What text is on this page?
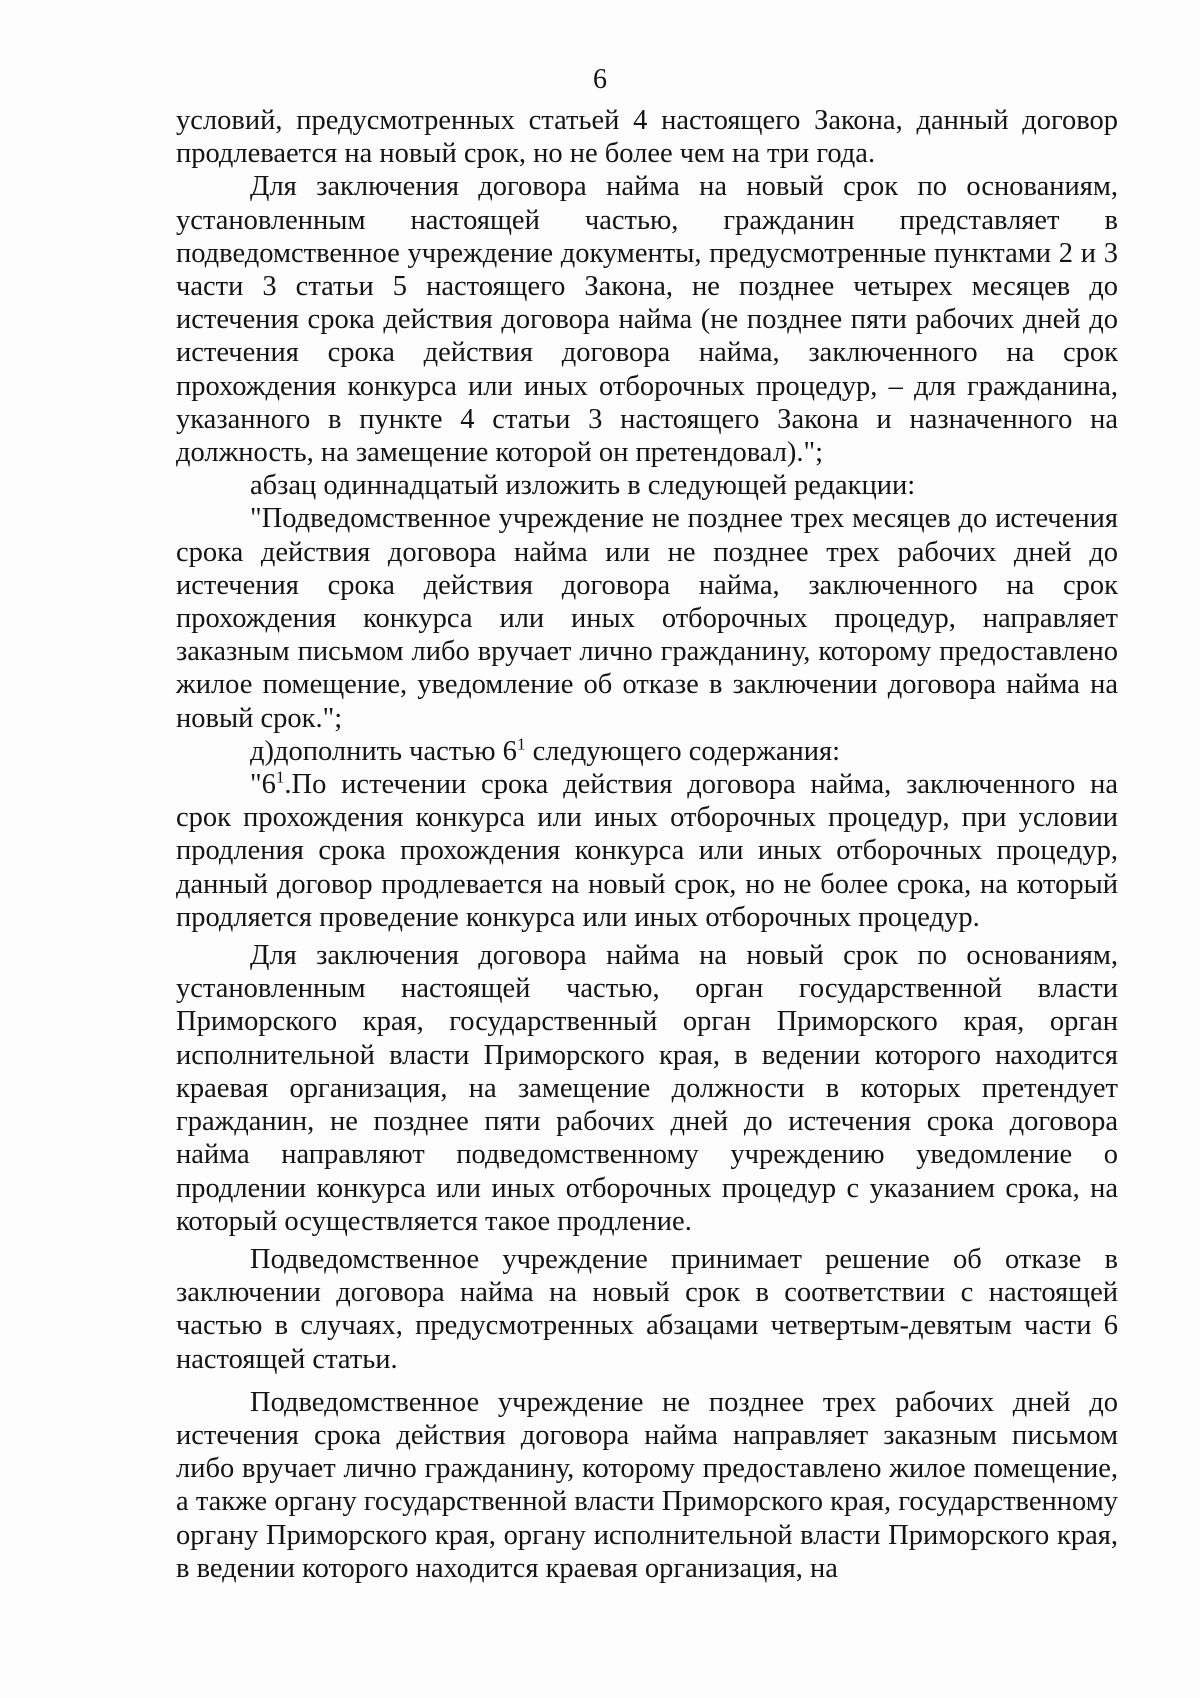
6

условий, предусмотренных статьей 4 настоящего Закона, данный договор продлевается на новый срок, но не более чем на три года.

Для заключения договора найма на новый срок по основаниям, установленным настоящей частью, гражданин представляет в подведомственное учреждение документы, предусмотренные пунктами 2 и 3 части 3 статьи 5 настоящего Закона, не позднее четырех месяцев до истечения срока действия договора найма (не позднее пяти рабочих дней до истечения срока действия договора найма, заключенного на срок прохождения конкурса или иных отборочных процедур, – для гражданина, указанного в пункте 4 статьи 3 настоящего Закона и назначенного на должность, на замещение которой он претендовал).";

абзац одиннадцатый изложить в следующей редакции:

"Подведомственное учреждение не позднее трех месяцев до истечения срока действия договора найма или не позднее трех рабочих дней до истечения срока действия договора найма, заключенного на срок прохождения конкурса или иных отборочных процедур, направляет заказным письмом либо вручает лично гражданину, которому предоставлено жилое помещение, уведомление об отказе в заключении договора найма на новый срок.";

д)дополнить частью $6^1$ следующего содержания:

"$6^1.По$ истечении срока действия договора найма, заключенного на срок прохождения конкурса или иных отборочных процедур, при условии продления срока прохождения конкурса или иных отборочных процедур, данный договор продлевается на новый срок, но не более срока, на который продляется проведение конкурса или иных отборочных процедур.

Для заключения договора найма на новый срок по основаниям, установленным настоящей частью, орган государственной власти Приморского края, государственный орган Приморского края, орган исполнительной власти Приморского края, в ведении которого находится краевая организация, на замещение должности в которых претендует гражданин, не позднее пяти рабочих дней до истечения срока договора найма направляют подведомственному учреждению уведомление о продлении конкурса или иных отборочных процедур с указанием срока, на который осуществляется такое продление.

Подведомственное учреждение принимает решение об отказе в заключении договора найма на новый срок в соответствии с настоящей частью в случаях, предусмотренных абзацами четвертым-девятым части 6 настоящей статьи.

Подведомственное учреждение не позднее трех рабочих дней до истечения срока действия договора найма направляет заказным письмом либо вручает лично гражданину, которому предоставлено жилое помещение, а также органу государственной власти Приморского края, государственному органу Приморского края, органу исполнительной власти Приморского края, в ведении которого находится краевая организация, на
